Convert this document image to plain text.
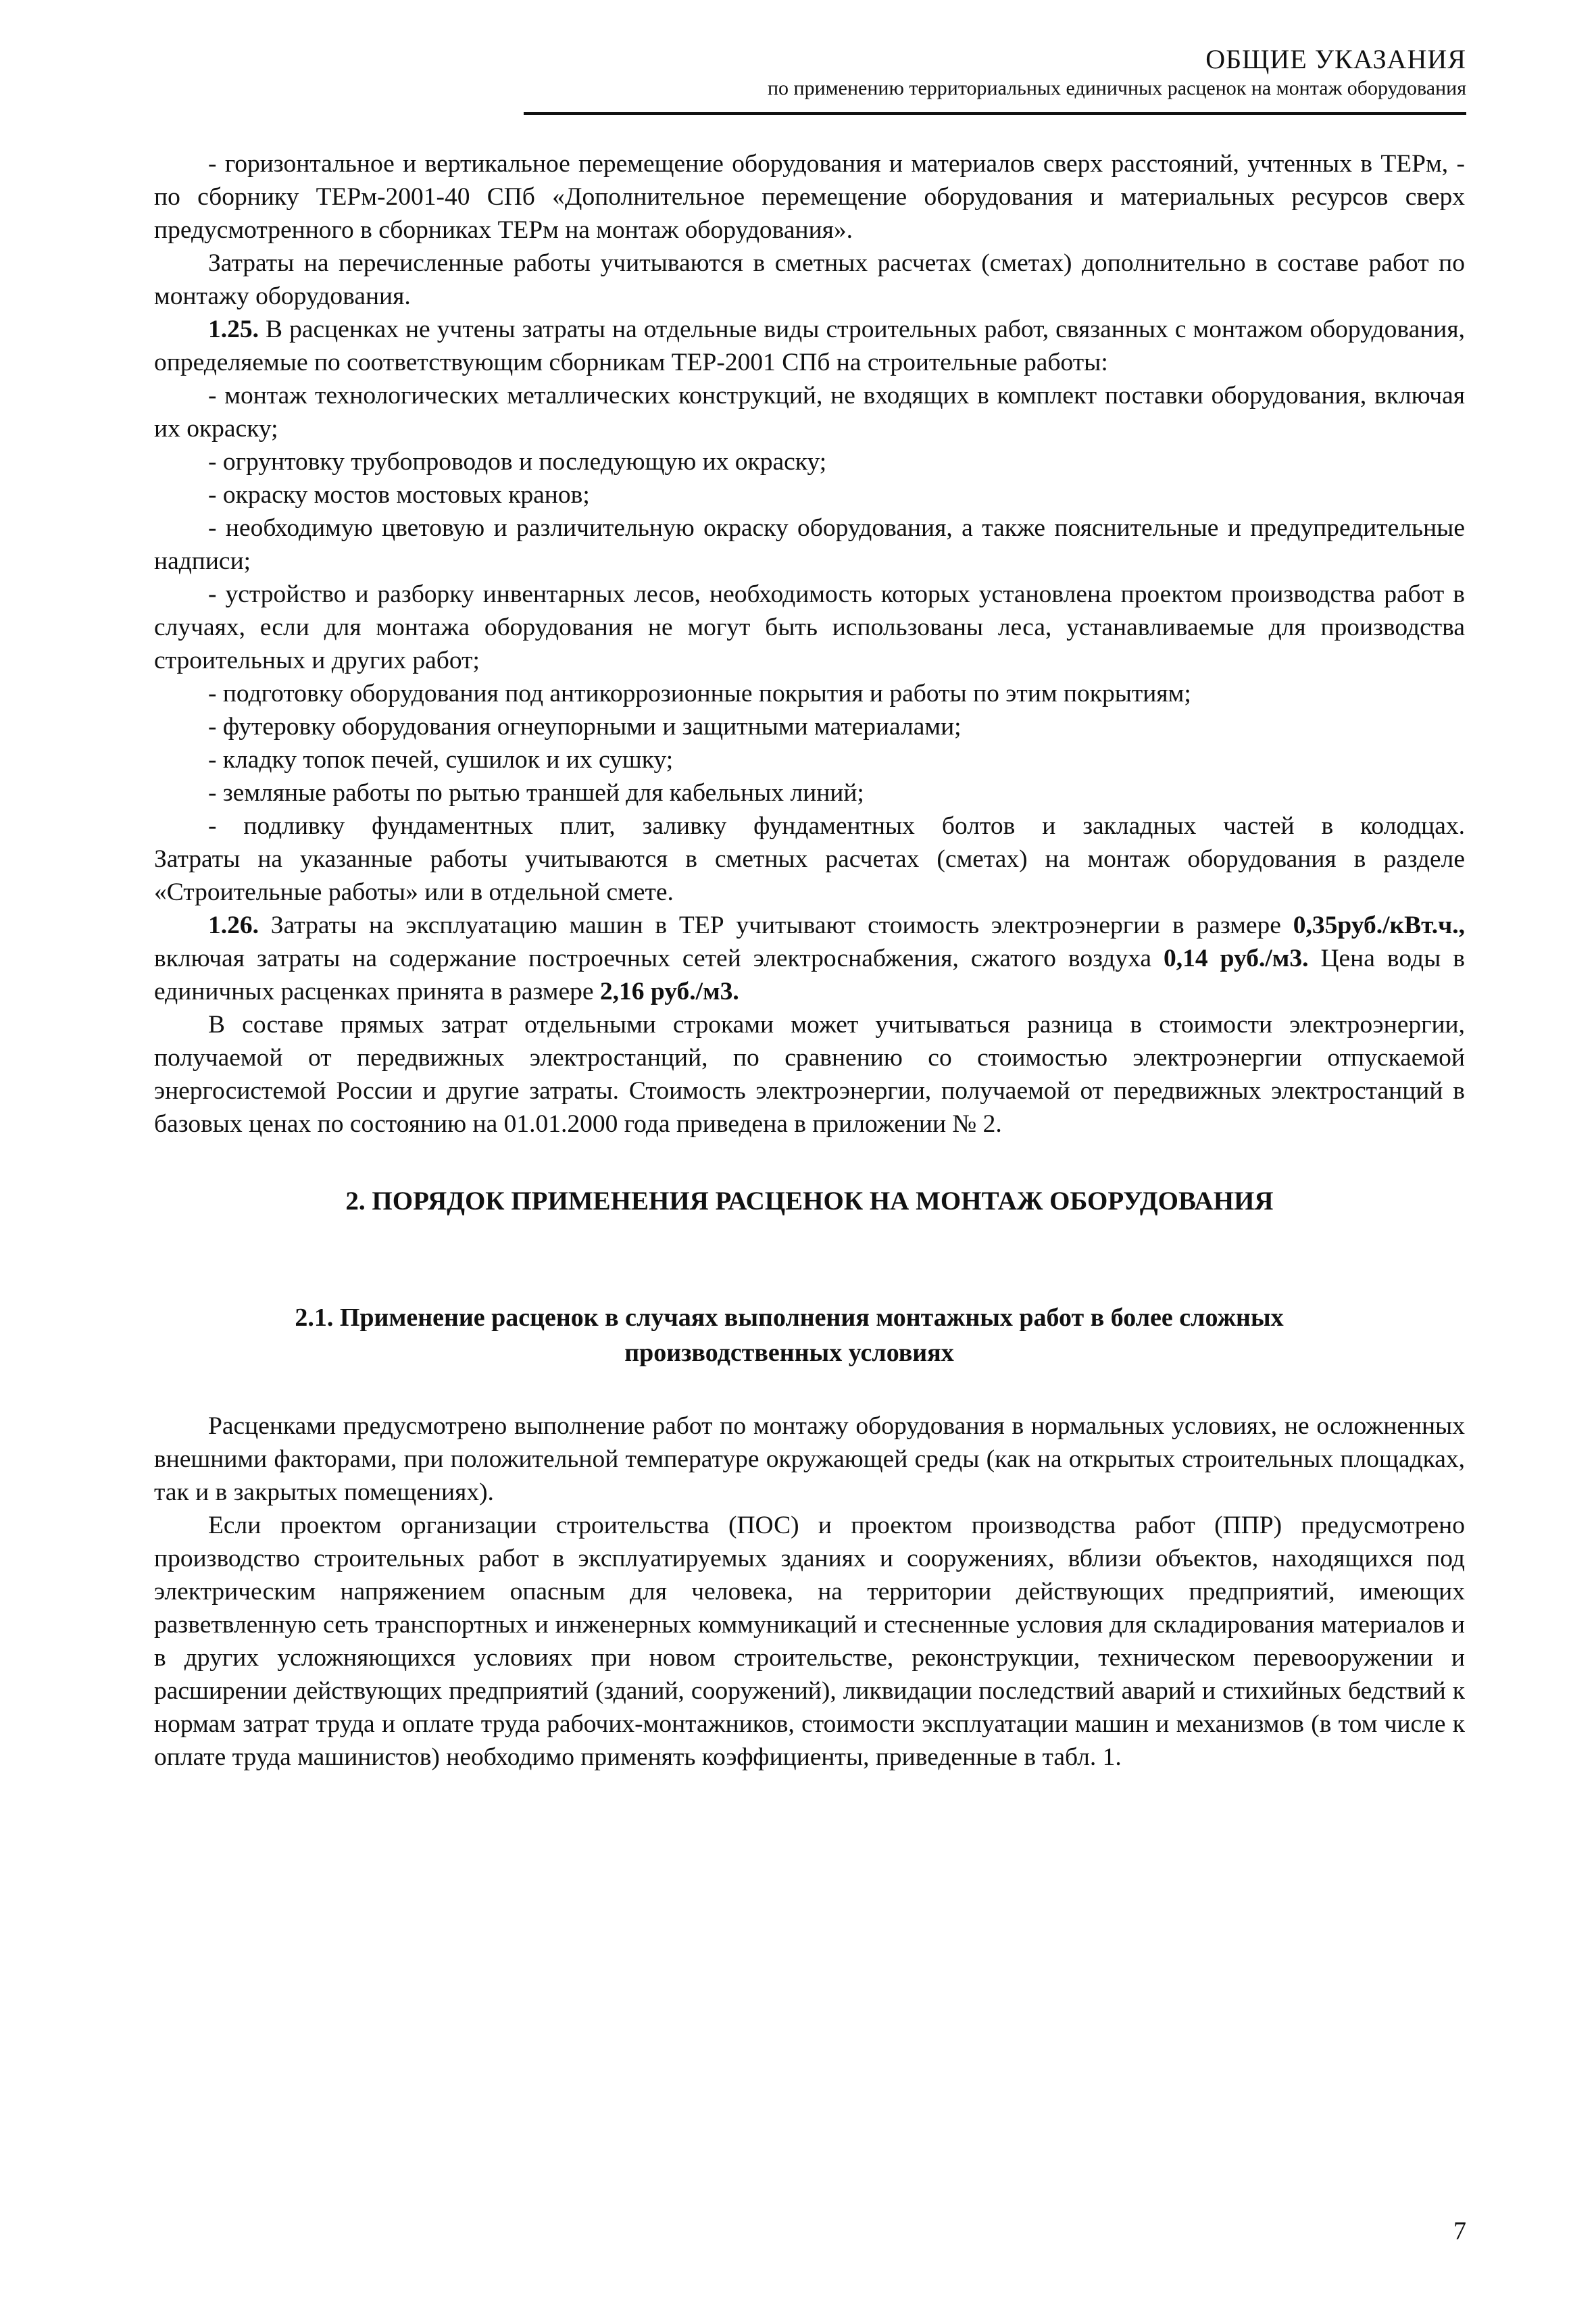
ОБЩИЕ УКАЗАНИЯ
по применению территориальных единичных расценок на монтаж оборудования

- горизонтальное и вертикальное перемещение оборудования и материалов сверх расстояний, учтенных в ТЕРм, - по сборнику ТЕРм-2001-40 СПб «Дополнительное перемещение оборудования и материальных ресурсов сверх предусмотренного в сборниках ТЕРм на монтаж оборудования».

Затраты на перечисленные работы учитываются в сметных расчетах (сметах) дополнительно в составе работ по монтажу оборудования.

1.25. В расценках не учтены затраты на отдельные виды строительных работ, связанных с монтажом оборудования, определяемые по соответствующим сборникам ТЕР-2001 СПб на строительные работы:

- монтаж технологических металлических конструкций, не входящих в комплект поставки оборудования, включая их окраску;

- огрунтовку трубопроводов и последующую их окраску;

- окраску мостов мостовых кранов;

- необходимую цветовую и различительную окраску оборудования, а также пояснительные и предупредительные надписи;

- устройство и разборку инвентарных лесов, необходимость которых установлена проектом производства работ в случаях, если для монтажа оборудования не могут быть использованы леса, устанавливаемые для производства строительных и других работ;

- подготовку оборудования под антикоррозионные покрытия и работы по этим покрытиям;

- футеровку оборудования огнеупорными и защитными материалами;

- кладку топок печей, сушилок и их сушку;

- земляные работы по рытью траншей для кабельных линий;

- подливку фундаментных плит, заливку фундаментных болтов и закладных частей в колодцах.

Затраты на указанные работы учитываются в сметных расчетах (сметах) на монтаж оборудования в разделе «Строительные работы» или в отдельной смете.

1.26. Затраты на эксплуатацию машин в ТЕР учитывают стоимость электроэнергии в размере 0,35руб./кВт.ч., включая затраты на содержание построечных сетей электроснабжения, сжатого воздуха 0,14 руб./м3. Цена воды в единичных расценках принята в размере 2,16 руб./м3.

В составе прямых затрат отдельными строками может учитываться разница в стоимости электроэнергии, получаемой от передвижных электростанций, по сравнению со стоимостью электроэнергии отпускаемой энергосистемой России и другие затраты. Стоимость электроэнергии, получаемой от передвижных электростанций в базовых ценах по состоянию на 01.01.2000 года приведена в приложении № 2.

2. ПОРЯДОК ПРИМЕНЕНИЯ РАСЦЕНОК НА МОНТАЖ ОБОРУДОВАНИЯ
2.1. Применение расценок в случаях выполнения монтажных работ в более сложных производственных условиях

Расценками предусмотрено выполнение работ по монтажу оборудования в нормальных условиях, не осложненных внешними факторами, при положительной температуре окружающей среды (как на открытых строительных площадках, так и в закрытых помещениях).

Если проектом организации строительства (ПОС) и проектом производства работ (ППР) предусмотрено производство строительных работ в эксплуатируемых зданиях и сооружениях, вблизи объектов, находящихся под электрическим напряжением опасным для человека, на территории действующих предприятий, имеющих разветвленную сеть транспортных и инженерных коммуникаций и стесненные условия для складирования материалов и в других усложняющихся условиях при новом строительстве, реконструкции, техническом перевооружении и расширении действующих предприятий (зданий, сооружений), ликвидации последствий аварий и стихийных бедствий к нормам затрат труда и оплате труда рабочих-монтажников, стоимости эксплуатации машин и механизмов (в том числе к оплате труда машинистов) необходимо применять коэффициенты, приведенные в табл. 1.

7
